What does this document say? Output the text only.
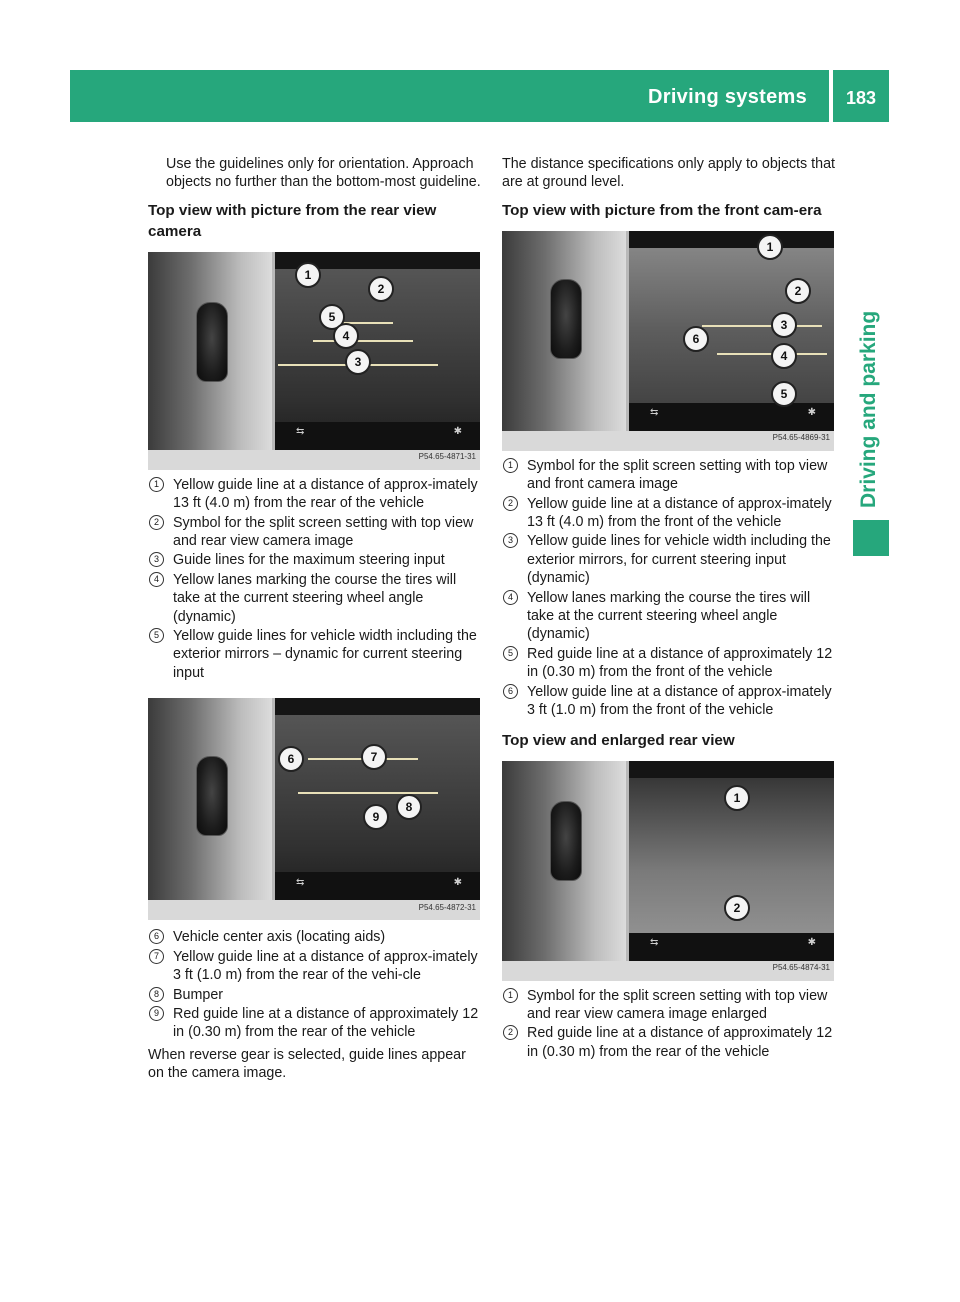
Driving systems 183
Driving and parking

Use the guidelines only for orientation. Approach objects no further than the bottom-most guideline.

Top view with picture from the rear view camera

⇆	✱
1
2
5
4
3
P54.65-4871-31
1 Yellow guide line at a distance of approx-imately 13 ft (4.0 m) from the rear of the vehicle
2 Symbol for the split screen setting with top view and rear view camera image
3 Guide lines for the maximum steering input
4 Yellow lanes marking the course the tires will take at the current steering wheel angle (dynamic)
5 Yellow guide lines for vehicle width including the exterior mirrors – dynamic for current steering input
⇆	✱
6	7
9
8
P54.65-4872-31
6 Vehicle center axis (locating aids)
7 Yellow guide line at a distance of approx-imately 3 ft (1.0 m) from the rear of the vehi-cle
8 Bumper
9 Red guide line at a distance of approximately 12 in (0.30 m) from the rear of the vehicle

When reverse gear is selected, guide lines appear on the camera image.

The distance specifications only apply to objects that are at ground level.

Top view with picture from the front cam-era

⇆	✱
1
2
3
6
4
5
P54.65-4869-31
1 Symbol for the split screen setting with top view and front camera image
2 Yellow guide line at a distance of approx-imately 13 ft (4.0 m) from the front of the vehicle
3 Yellow guide lines for vehicle width including the exterior mirrors, for current steering input (dynamic)
4 Yellow lanes marking the course the tires will take at the current steering wheel angle (dynamic)
5 Red guide line at a distance of approximately 12 in (0.30 m) from the front of the vehicle
6 Yellow guide line at a distance of approx-imately 3 ft (1.0 m) from the front of the vehicle

Top view and enlarged rear view

⇆	✱
1
2
P54.65-4874-31
1 Symbol for the split screen setting with top view and rear view camera image enlarged
2 Red guide line at a distance of approximately 12 in (0.30 m) from the rear of the vehicle
